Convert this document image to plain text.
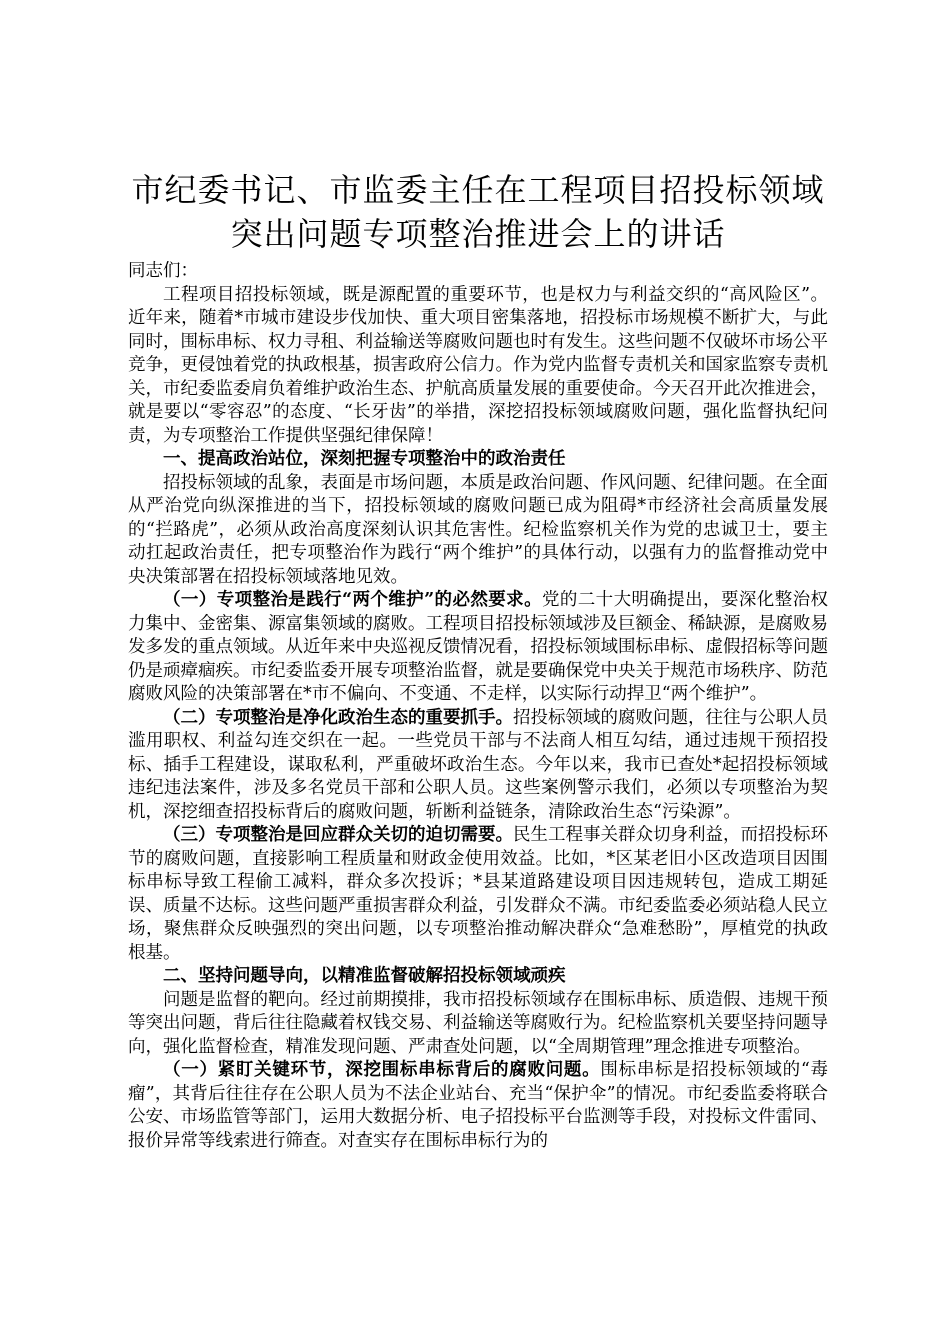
市纪委书记、市监委主任在工程项目招投标领域突出问题专项整治推进会上的讲话

同志们：

工程项目招投标领域，既是源配置的重要环节，也是权力与利益交织的“高风险区”。近年来，随着*市城市建设步伐加快、重大项目密集落地，招投标市场规模不断扩大，与此同时，围标串标、权力寻租、利益输送等腐败问题也时有发生。这些问题不仅破坏市场公平竞争，更侵蚀着党的执政根基，损害政府公信力。作为党内监督专责机关和国家监察专责机关，市纪委监委肩负着维护政治生态、护航高质量发展的重要使命。今天召开此次推进会，就是要以“零容忍”的态度、“长牙齿”的举措，深挖招投标领域腐败问题，强化监督执纪问责，为专项整治工作提供坚强纪律保障！

一、提高政治站位，深刻把握专项整治中的政治责任

招投标领域的乱象，表面是市场问题，本质是政治问题、作风问题、纪律问题。在全面从严治党向纵深推进的当下，招投标领域的腐败问题已成为阻碍*市经济社会高质量发展的“拦路虎”，必须从政治高度深刻认识其危害性。纪检监察机关作为党的忠诚卫士，要主动扛起政治责任，把专项整治作为践行“两个维护”的具体行动，以强有力的监督推动党中央决策部署在招投标领域落地见效。

（一）专项整治是践行“两个维护”的必然要求。党的二十大明确提出，要深化整治权力集中、金密集、源富集领域的腐败。工程项目招投标领域涉及巨额金、稀缺源，是腐败易发多发的重点领域。从近年来中央巡视反馈情况看，招投标领域围标串标、虚假招标等问题仍是顽瘴痼疾。市纪委监委开展专项整治监督，就是要确保党中央关于规范市场秩序、防范腐败风险的决策部署在*市不偏向、不变通、不走样，以实际行动捍卫“两个维护”。

（二）专项整治是净化政治生态的重要抓手。招投标领域的腐败问题，往往与公职人员滥用职权、利益勾连交织在一起。一些党员干部与不法商人相互勾结，通过违规干预招投标、插手工程建设，谋取私利，严重破坏政治生态。今年以来，我市已查处*起招投标领域违纪违法案件，涉及多名党员干部和公职人员。这些案例警示我们，必须以专项整治为契机，深挖细查招投标背后的腐败问题，斩断利益链条，清除政治生态“污染源”。

（三）专项整治是回应群众关切的迫切需要。民生工程事关群众切身利益，而招投标环节的腐败问题，直接影响工程质量和财政金使用效益。比如，*区某老旧小区改造项目因围标串标导致工程偷工减料，群众多次投诉；*县某道路建设项目因违规转包，造成工期延误、质量不达标。这些问题严重损害群众利益，引发群众不满。市纪委监委必须站稳人民立场，聚焦群众反映强烈的突出问题，以专项整治推动解决群众“急难愁盼”，厚植党的执政根基。

二、坚持问题导向，以精准监督破解招投标领域顽疾

问题是监督的靶向。经过前期摸排，我市招投标领域存在围标串标、质造假、违规干预等突出问题，背后往往隐藏着权钱交易、利益输送等腐败行为。纪检监察机关要坚持问题导向，强化监督检查，精准发现问题、严肃查处问题，以“全周期管理”理念推进专项整治。

（一）紧盯关键环节，深挖围标串标背后的腐败问题。围标串标是招投标领域的“毒瘤”，其背后往往存在公职人员为不法企业站台、充当“保护伞”的情况。市纪委监委将联合公安、市场监管等部门，运用大数据分析、电子招投标平台监测等手段，对投标文件雷同、报价异常等线索进行筛查。对查实存在围标串标行为的
